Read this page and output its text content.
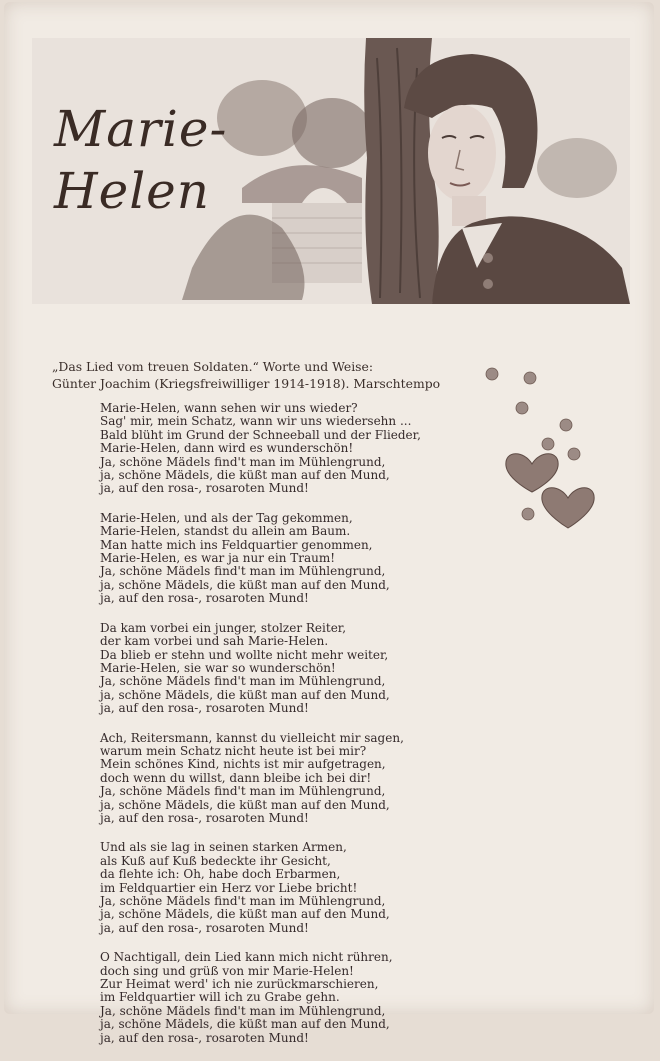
Marie-
Helen
„Das Lied vom treuen Soldaten.“ Worte und Weise:
Günter Joachim (Kriegsfreiwilliger 1914-1918). Marschtempo
Marie-Helen, wann sehen wir uns wieder?
Sag' mir, mein Schatz, wann wir uns wiedersehn ...
Bald blüht im Grund der Schneeball und der Flieder,
Marie-Helen, dann wird es wunderschön!
Ja, schöne Mädels find't man im Mühlengrund,
ja, schöne Mädels, die küßt man auf den Mund,
ja, auf den rosa-, rosaroten Mund!
Marie-Helen, und als der Tag gekommen,
Marie-Helen, standst du allein am Baum.
Man hatte mich ins Feldquartier genommen,
Marie-Helen, es war ja nur ein Traum!
Ja, schöne Mädels find't man im Mühlengrund,
ja, schöne Mädels, die küßt man auf den Mund,
ja, auf den rosa-, rosaroten Mund!
Da kam vorbei ein junger, stolzer Reiter,
der kam vorbei und sah Marie-Helen.
Da blieb er stehn und wollte nicht mehr weiter,
Marie-Helen, sie war so wunderschön!
Ja, schöne Mädels find't man im Mühlengrund,
ja, schöne Mädels, die küßt man auf den Mund,
ja, auf den rosa-, rosaroten Mund!
Ach, Reitersmann, kannst du vielleicht mir sagen,
warum mein Schatz nicht heute ist bei mir?
Mein schönes Kind, nichts ist mir aufgetragen,
doch wenn du willst, dann bleibe ich bei dir!
Ja, schöne Mädels find't man im Mühlengrund,
ja, schöne Mädels, die küßt man auf den Mund,
ja, auf den rosa-, rosaroten Mund!
Und als sie lag in seinen starken Armen,
als Kuß auf Kuß bedeckte ihr Gesicht,
da flehte ich: Oh, habe doch Erbarmen,
im Feldquartier ein Herz vor Liebe bricht!
Ja, schöne Mädels find't man im Mühlengrund,
ja, schöne Mädels, die küßt man auf den Mund,
ja, auf den rosa-, rosaroten Mund!
O Nachtigall, dein Lied kann mich nicht rühren,
doch sing und grüß von mir Marie-Helen!
Zur Heimat werd' ich nie zurückmarschieren,
im Feldquartier will ich zu Grabe gehn.
Ja, schöne Mädels find't man im Mühlengrund,
ja, schöne Mädels, die küßt man auf den Mund,
ja, auf den rosa-, rosaroten Mund!
